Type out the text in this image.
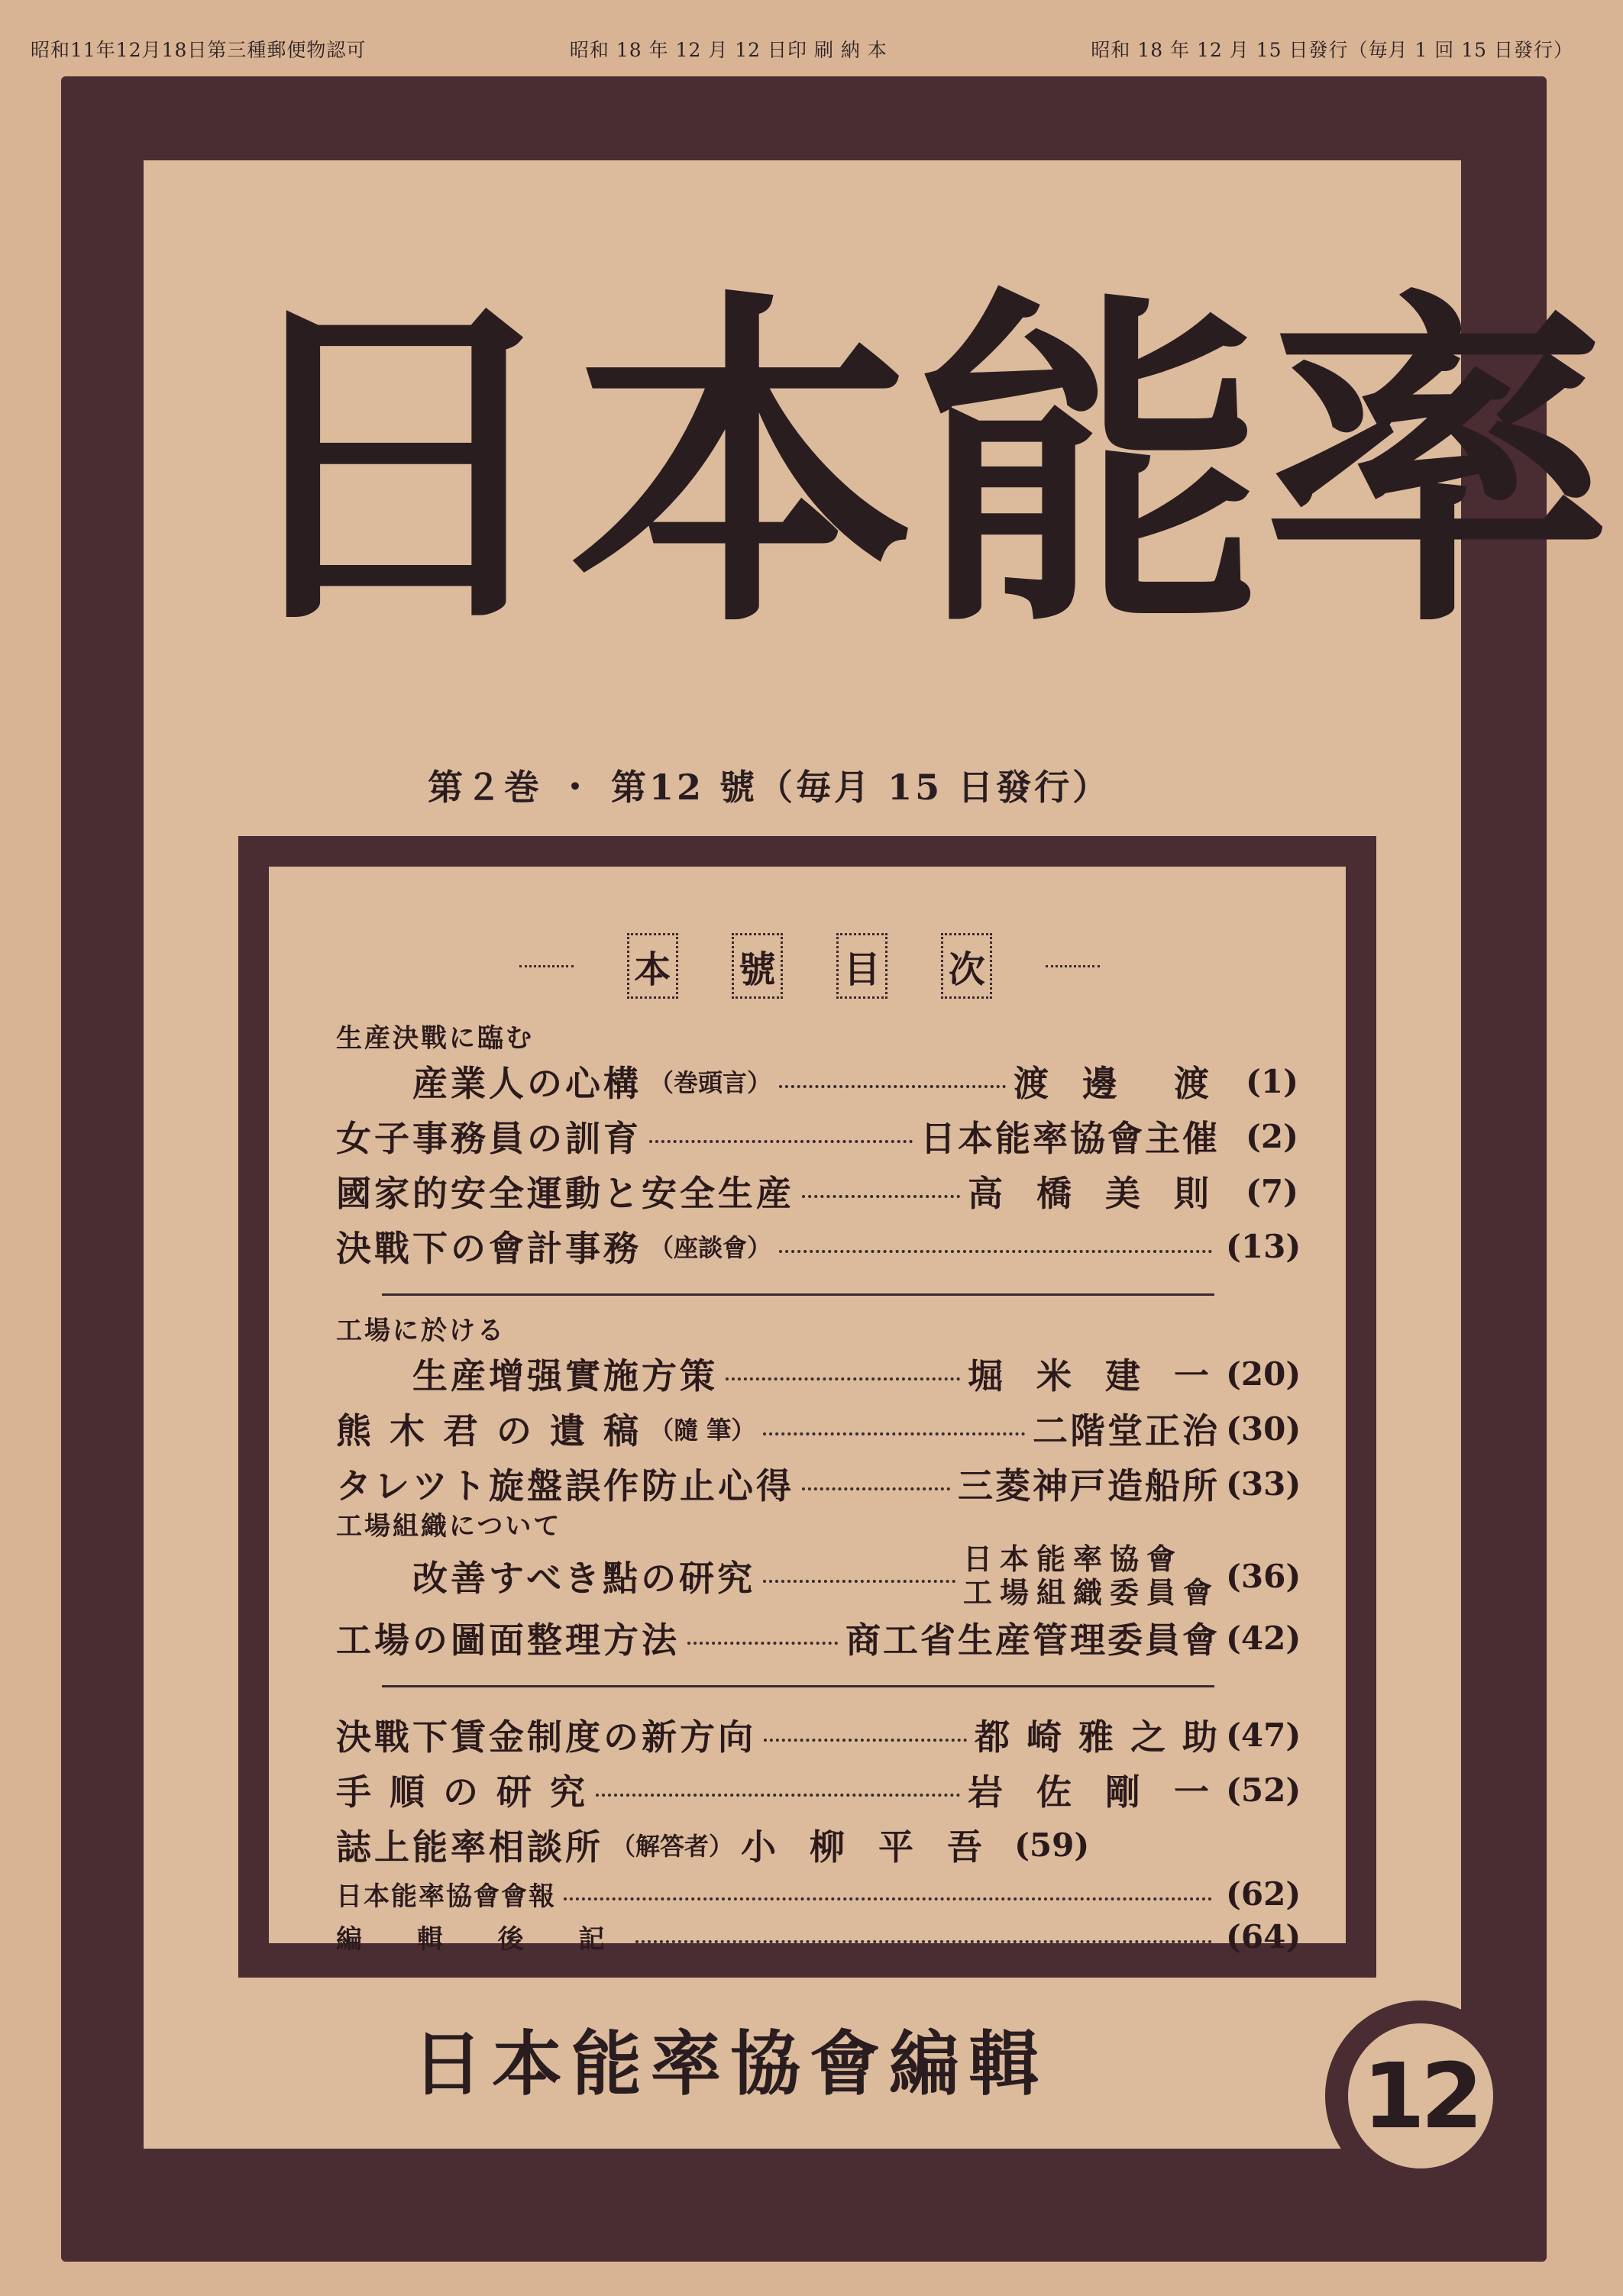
昭和11年12月18日第三種郵便物認可	昭和 18 年 12 月 12 日印 刷 納 本	昭和 18 年 12 月 15 日發行（毎月 1 回 15 日發行）
日 本 能 率
第２巻 ・ 第12 號（毎月 15 日發行）
本 號 目 次
生産決戰に臨む
産業人の心構 （巻頭言）	渡 邊　渡 (1)
女子事務員の訓育	日本能率協會主催 (2)
國家的安全運動と安全生産	高 橋 美 則 (7)
決戰下の會計事務 （座談會）	(13)
工場に於ける
生産增强實施方策	堀 米 建 一 (20)
熊 木 君 の 遺 稿 （隨 筆）	二階堂正治 (30)
タレツト旋盤誤作防止心得	三菱神戸造船所 (33)
工場組織について
改善すべき點の研究	日本能率協會
工場組織委員會 (36)
工場の圖面整理方法	商工省生産管理委員會 (42)
決戰下賃金制度の新方向	都 崎 雅 之 助 (47)
手 順 の 研 究	岩 佐 剛 一 (52)
誌上能率相談所 （解答者） 小 柳 平 吾 (59)
日本能率協會會報	(62)
編 輯 後 記	(64)
日本能率協會編輯	12
